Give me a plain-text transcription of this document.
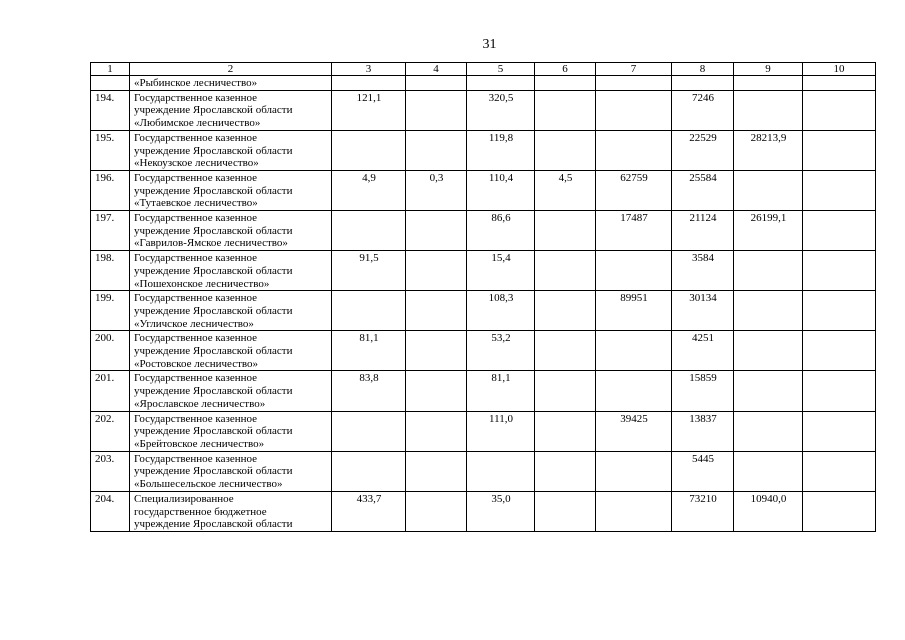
31
1	2	3	4	5	6	7	8	9	10

	«Рыбинское лесничество»								

194.	Государственное казенное
учреждение Ярославской области
«Любимское лесничество»	121,1		320,5			7246		
195.	Государственное казенное
учреждение Ярославской области
«Некоузское лесничество»			119,8			22529	28213,9	
196.	Государственное казенное
учреждение Ярославской области
«Тутаевское лесничество»	4,9	0,3	110,4	4,5	62759	25584		
197.	Государственное казенное
учреждение Ярославской области
«Гаврилов-Ямское лесничество»			86,6		17487	21124	26199,1	
198.	Государственное казенное
учреждение Ярославской области
«Пошехонское лесничество»	91,5		15,4			3584		
199.	Государственное казенное
учреждение Ярославской области
«Угличское лесничество»			108,3		89951	30134		
200.	Государственное казенное
учреждение Ярославской области
«Ростовское лесничество»	81,1		53,2			4251		
201.	Государственное казенное
учреждение Ярославской области
«Ярославское лесничество»	83,8		81,1			15859		
202.	Государственное казенное
учреждение Ярославской области
«Брейтовское лесничество»			111,0		39425	13837		
203.	Государственное казенное
учреждение Ярославской области
«Большесельское лесничество»						5445		
204.	Специализированное
государственное бюджетное
учреждение Ярославской области	433,7		35,0			73210	10940,0	
